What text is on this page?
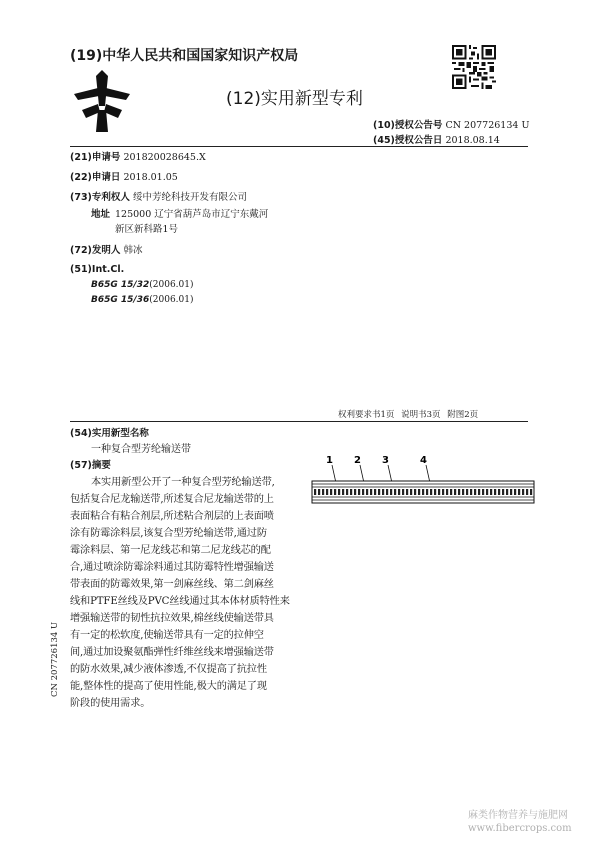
(19)中华人民共和国国家知识产权局
(12)实用新型专利
(10)授权公告号 CN 207726134 U
(45)授权公告日 2018.08.14
(21)申请号 201820028645.X
(22)申请日 2018.01.05
(73)专利权人 绥中芳纶科技开发有限公司
地址 125000 辽宁省葫芦岛市辽宁东戴河
新区新科路1号
(72)发明人 韩冰
(51)Int.Cl.
B65G 15/32(2006.01)
B65G 15/36(2006.01)
权利要求书1页 说明书3页 附图2页
(54)实用新型名称
一种复合型芳纶输送带
(57)摘要
本实用新型公开了一种复合型芳纶输送带,
包括复合尼龙输送带,所述复合尼龙输送带的上
表面粘合有粘合剂层,所述粘合剂层的上表面喷
涂有防霉涂料层,该复合型芳纶输送带,通过防
霉涂料层、第一尼龙线芯和第二尼龙线芯的配
合,通过喷涂防霉涂料通过其防霉特性增强输送
带表面的防霉效果,第一剑麻丝线、第二剑麻丝
线和PTFE丝线及PVC丝线通过其本体材质特性来
增强输送带的韧性抗拉效果,棉丝线使输送带具
有一定的松软度,使输送带具有一定的拉伸空
间,通过加设聚氨酯弹性纤维丝线来增强输送带
的防水效果,减少液体渗透,不仅提高了抗拉性
能,整体性的提高了使用性能,极大的满足了现
阶段的使用需求。
CN 207726134 U
1 2 3	4
麻类作物营养与施肥网
www.fibercrops.com
